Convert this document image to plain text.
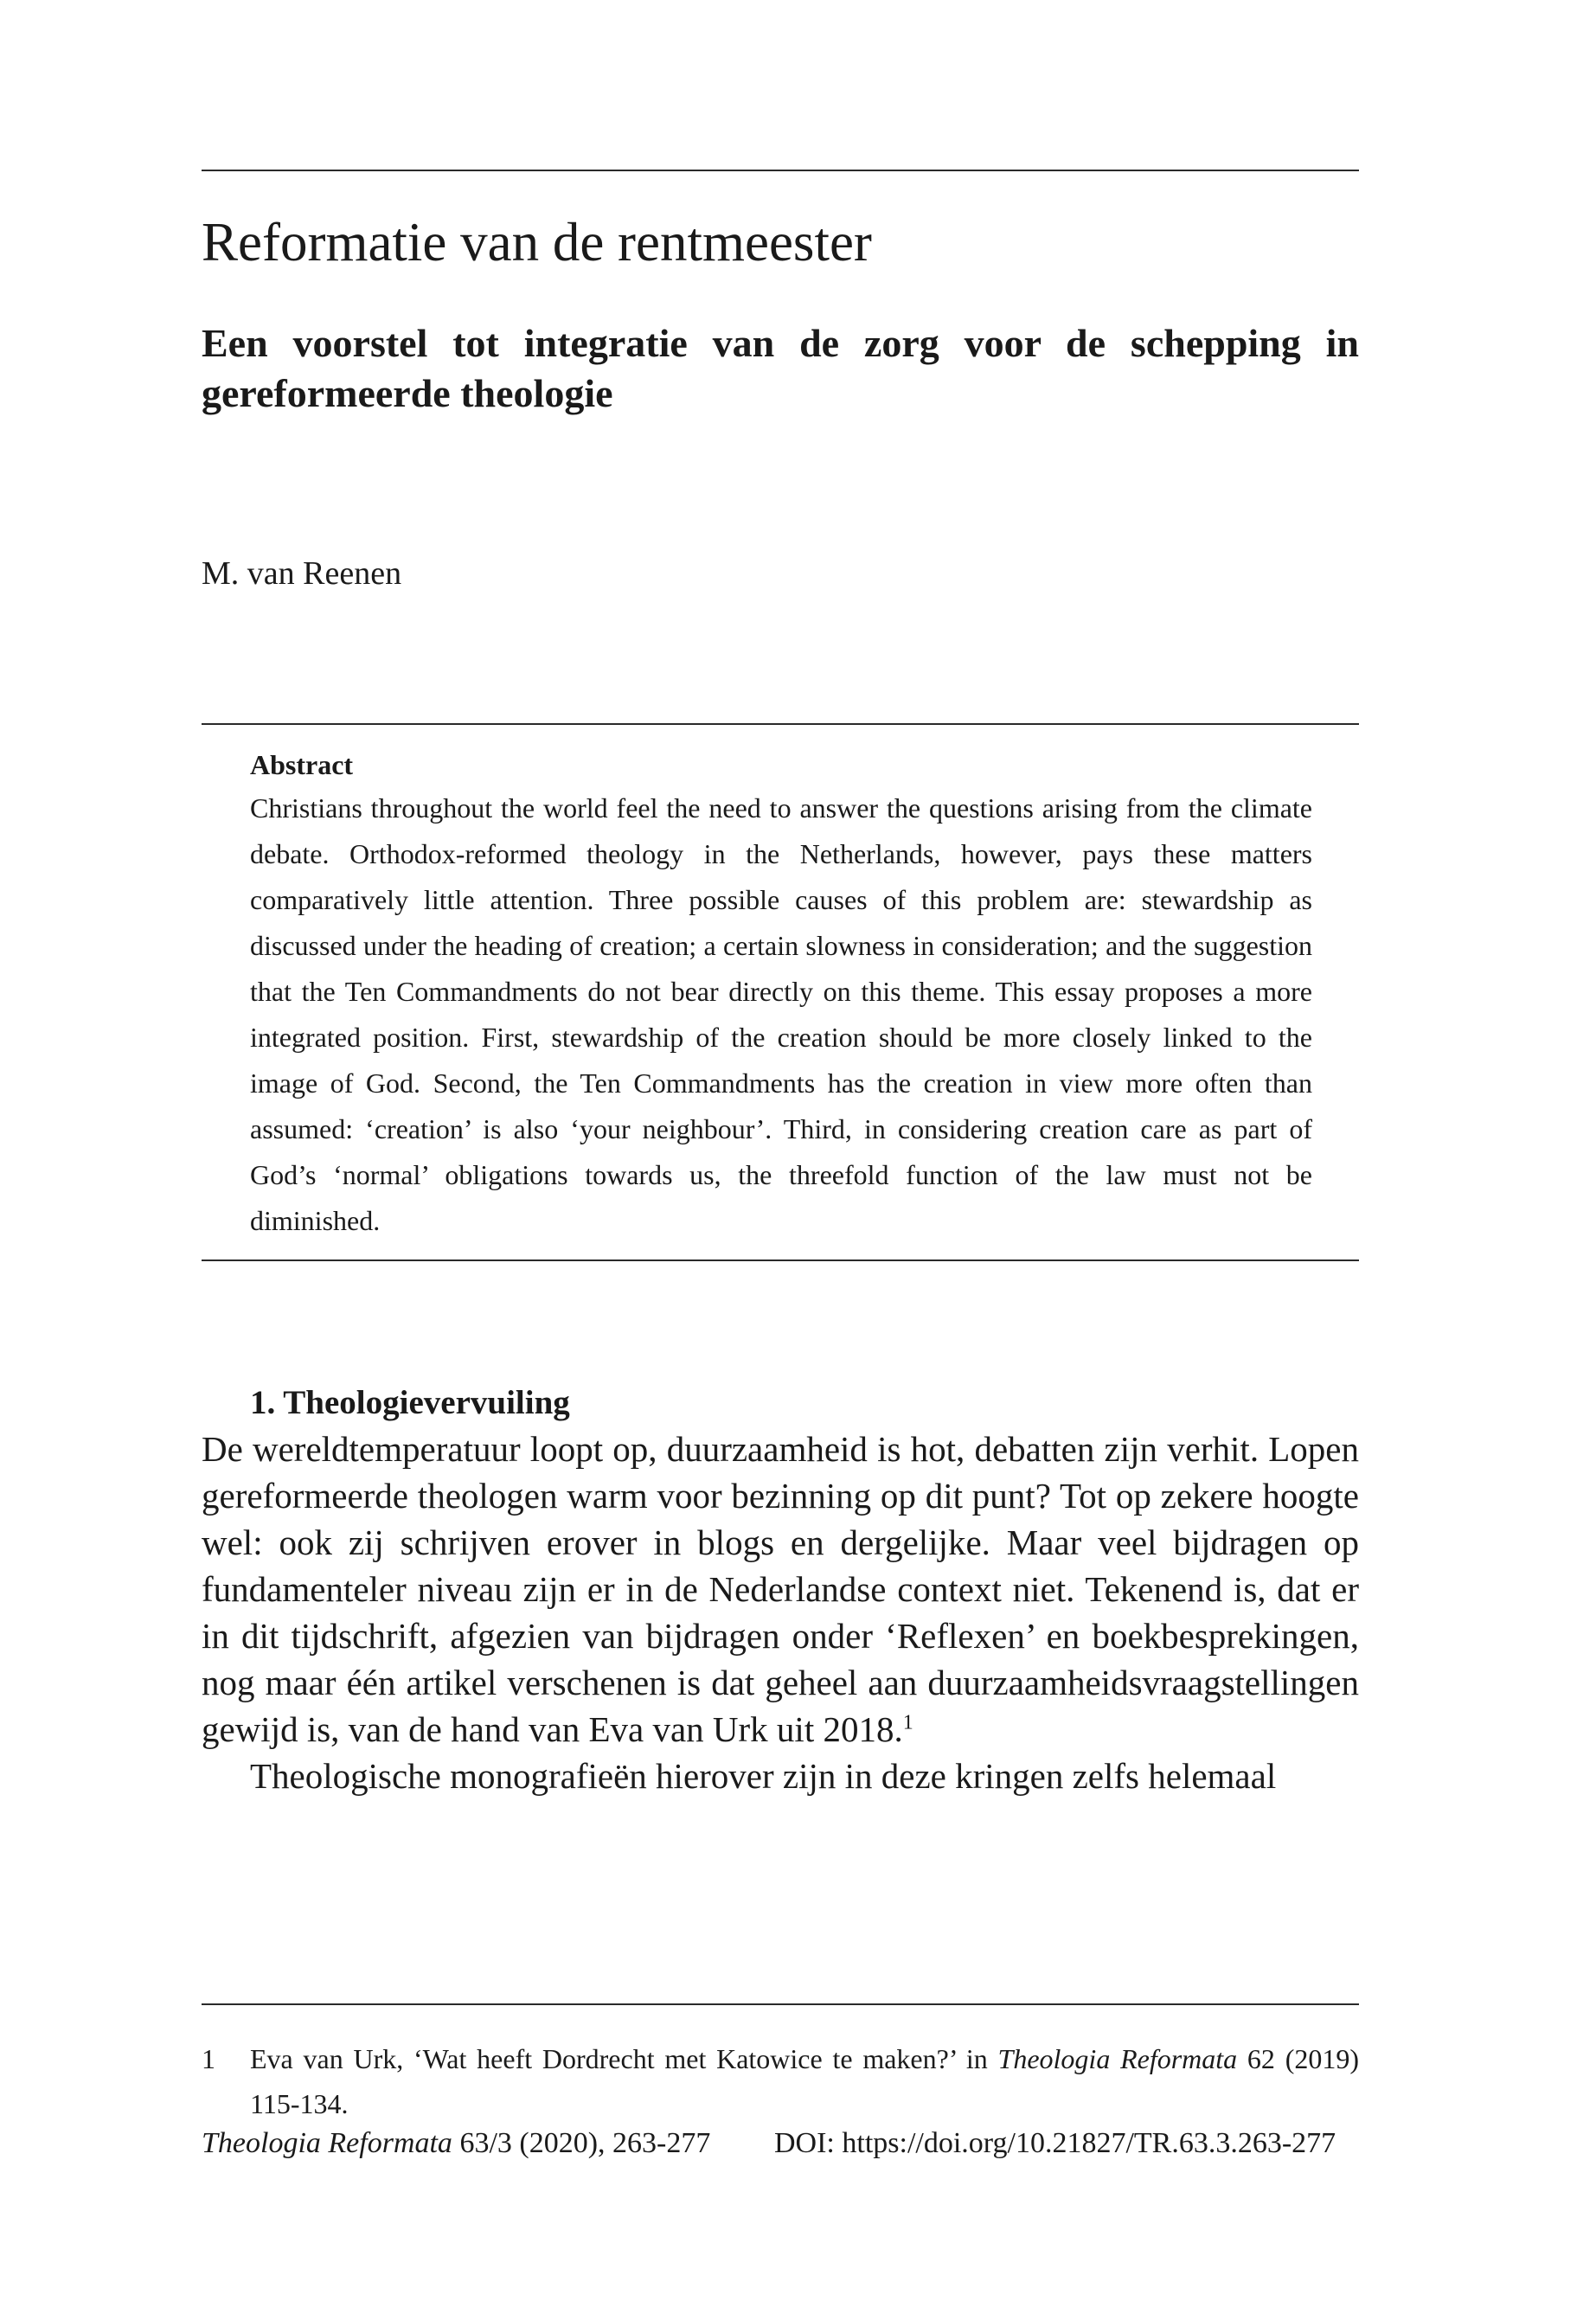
Reformatie van de rentmeester
Een voorstel tot integratie van de zorg voor de schepping in gereformeerde theologie

M. van Reenen

Abstract

Christians throughout the world feel the need to answer the questions arising from the climate debate. Orthodox-reformed theology in the Netherlands, however, pays these matters comparatively little attention. Three possible causes of this problem are: stewardship as discussed under the heading of creation; a certain slowness in consideration; and the suggestion that the Ten Commandments do not bear directly on this theme. This essay proposes a more integrated position. First, stewardship of the creation should be more closely linked to the image of God. Second, the Ten Commandments has the creation in view more often than assumed: ‘creation’ is also ‘your neighbour’. Third, in considering creation care as part of God’s ‘normal’ obligations towards us, the threefold function of the law must not be diminished.

1. Theologievervuiling

De wereldtemperatuur loopt op, duurzaamheid is hot, debatten zijn verhit. Lopen gereformeerde theologen warm voor bezinning op dit punt? Tot op zekere hoogte wel: ook zij schrijven erover in blogs en dergelijke. Maar veel bijdragen op fundamenteler niveau zijn er in de Nederlandse context niet. Tekenend is, dat er in dit tijdschrift, afgezien van bijdragen onder ‘Reflexen’ en boekbesprekingen, nog maar één artikel verschenen is dat geheel aan duurzaamheidsvraagstellingen gewijd is, van de hand van Eva van Urk uit 2018.$^1$

Theologische monografieën hierover zijn in deze kringen zelfs helemaal

1 Eva van Urk, ‘Wat heeft Dordrecht met Katowice te maken?’ in Theologia Reformata 62 (2019) 115-134.
Theologia Reformata 63/3 (2020), 263-277 DOI: https://doi.org/10.21827/TR.63.3.263-277
